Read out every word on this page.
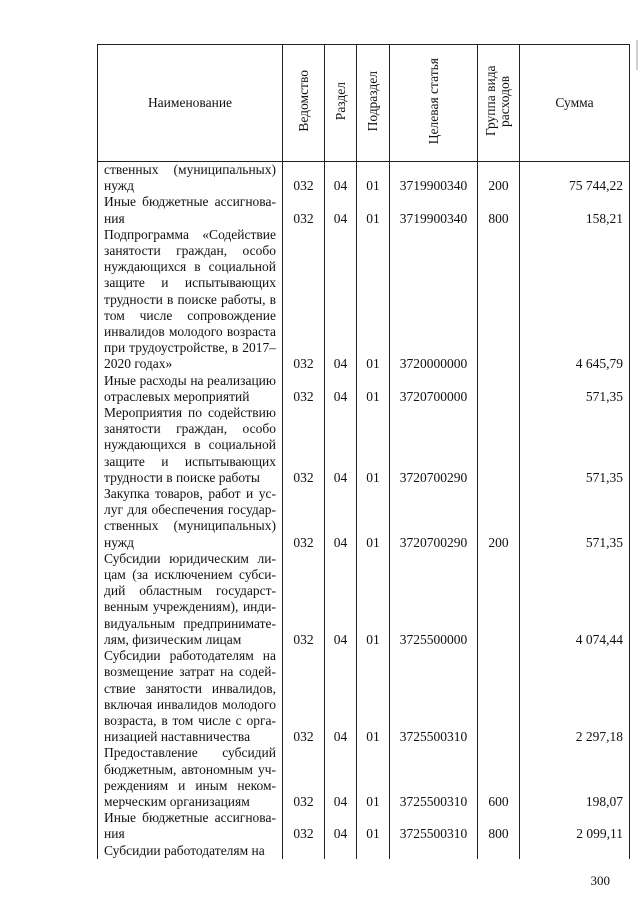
Наименование	Ведомство	Раздел	Подраздел	Целевая статья	Группа вида расходов	Сумма
ственных (муниципальных) нужд	032	04	01	3719900340	200	75 744,22
Иные бюджетные ассигнова-ния	032	04	01	3719900340	800	158,21
Подпрограмма «Содействие занятости граждан, особо нуждающихся в социальной защите и испытывающих трудности в поиске работы, в том числе сопровождение инвалидов молодого возраста при трудоустройстве, в 2017–2020 годах»	032	04	01	3720000000		4 645,79
Иные расходы на реализацию отраслевых мероприятий	032	04	01	3720700000		571,35
Мероприятия по содействию занятости граждан, особо нуждающихся в социальной защите и испытывающих трудности в поиске работы	032	04	01	3720700290		571,35
Закупка товаров, работ и ус-луг для обеспечения государ-ственных (муниципальных) нужд	032	04	01	3720700290	200	571,35
Субсидии юридическим ли-цам (за исключением субси-дий областным государст-венным учреждениям), инди-видуальным предпринимате-лям, физическим лицам	032	04	01	3725500000		4 074,44
Субсидии работодателям на возмещение затрат на содей-ствие занятости инвалидов, включая инвалидов молодого возраста, в том числе с орга-низацией наставничества	032	04	01	3725500310		2 297,18
Предоставление субсидий бюджетным, автономным уч-реждениям и иным неком-мерческим организациям	032	04	01	3725500310	600	198,07
Иные бюджетные ассигнова-ния	032	04	01	3725500310	800	2 099,11
Субсидии работодателям на						
300
